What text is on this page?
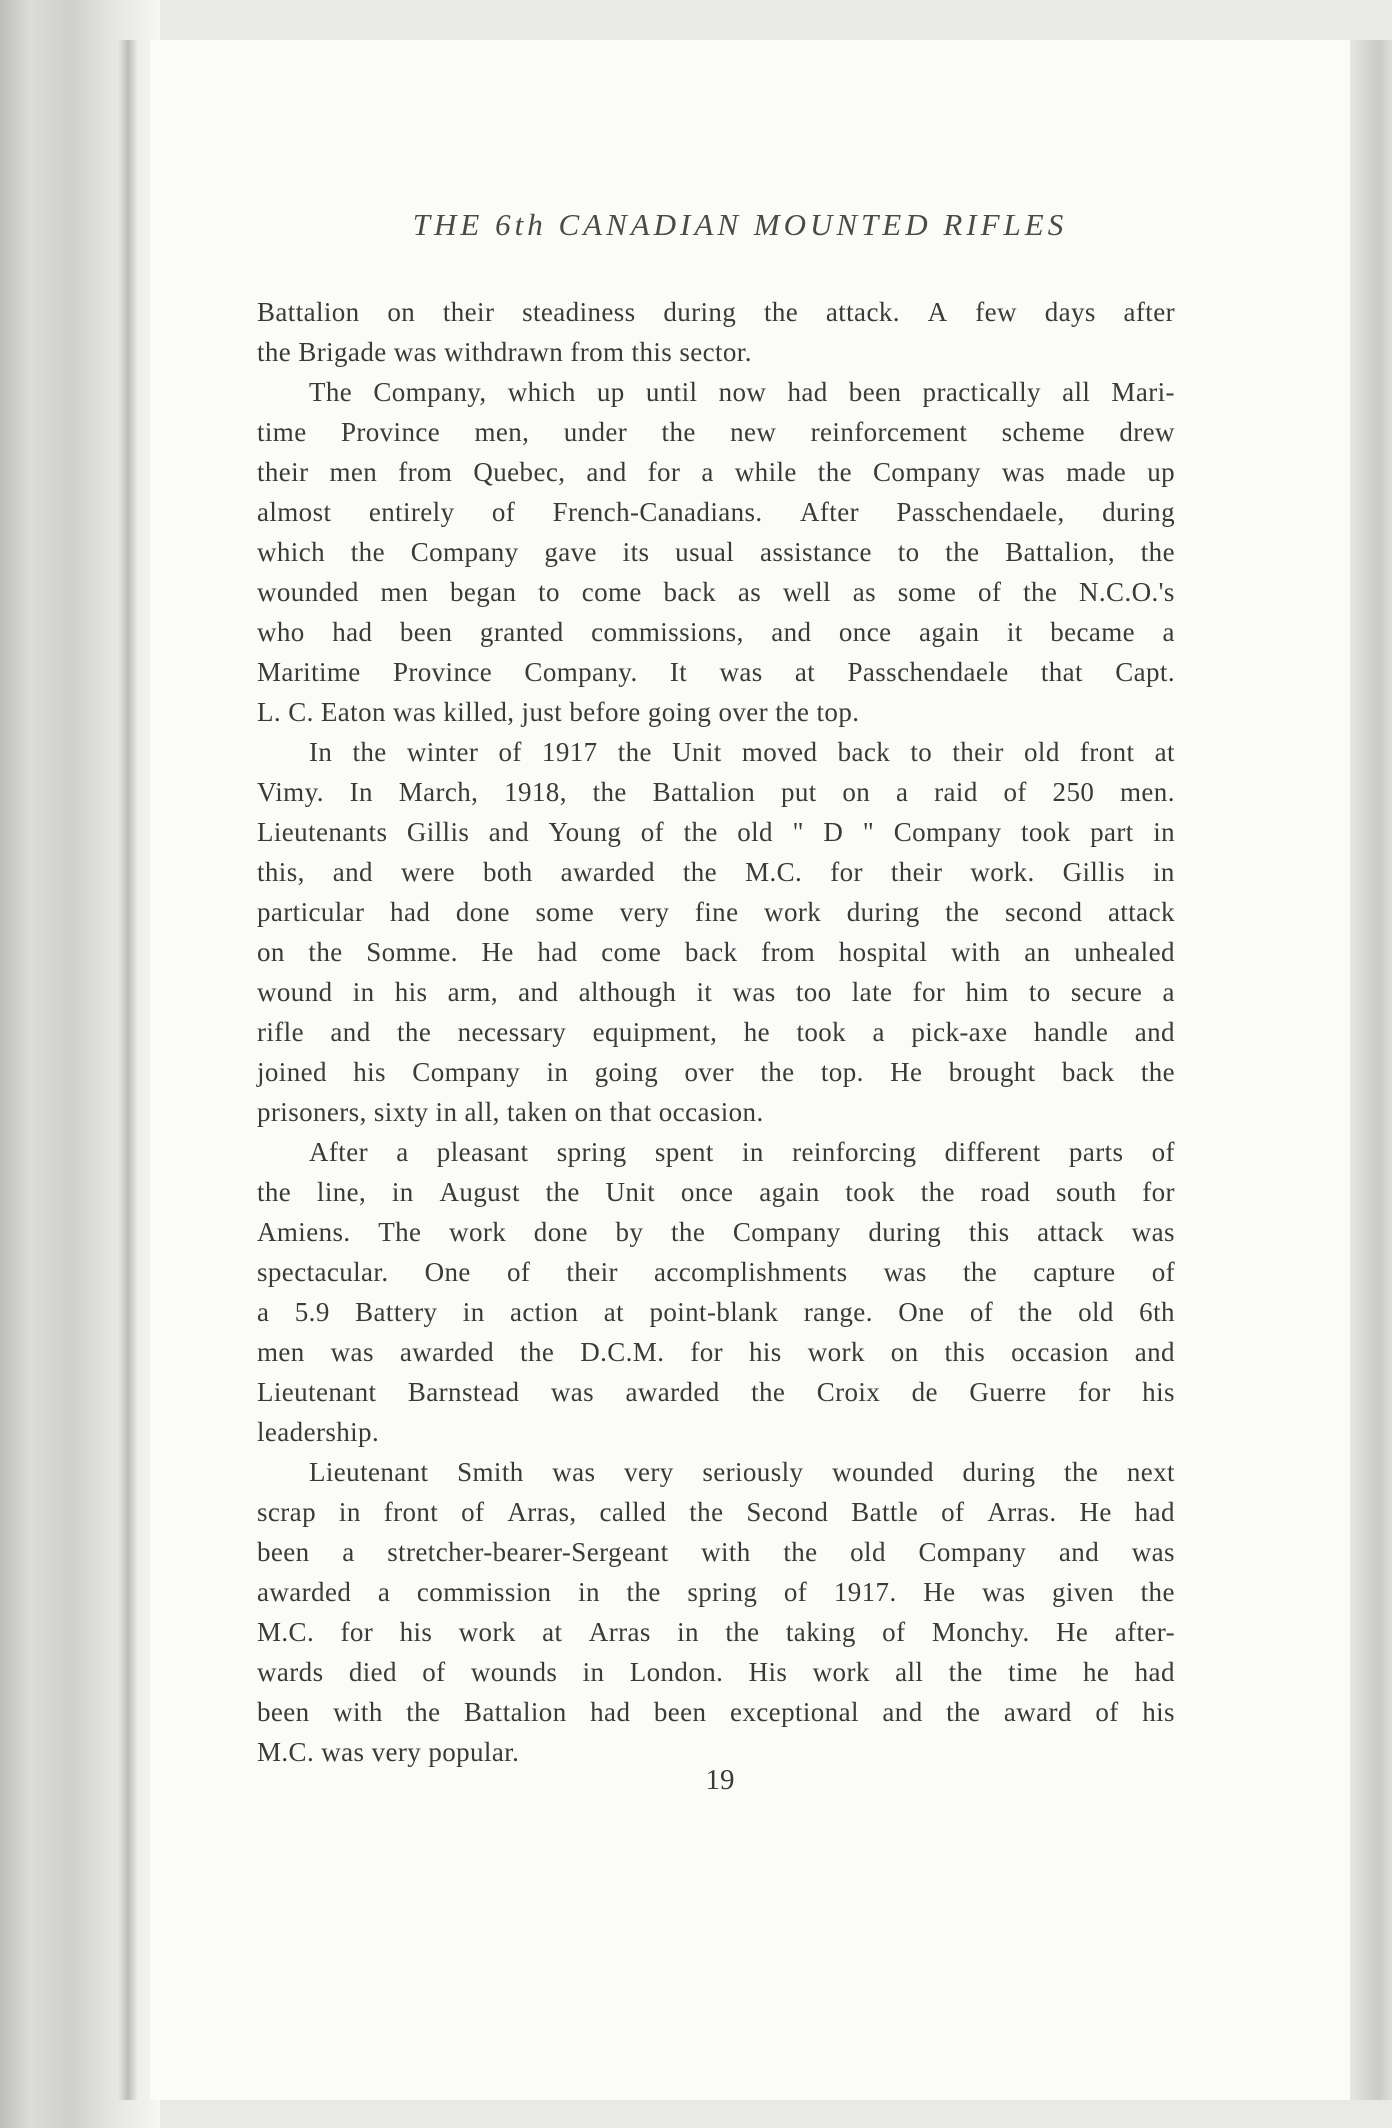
THE 6th CANADIAN MOUNTED RIFLES
Battalion on their steadiness during the attack. A few days after
the Brigade was withdrawn from this sector.
The Company, which up until now had been practically all Mari-
time Province men, under the new reinforcement scheme drew
their men from Quebec, and for a while the Company was made up
almost entirely of French-Canadians. After Passchendaele, during
which the Company gave its usual assistance to the Battalion, the
wounded men began to come back as well as some of the N.C.O.'s
who had been granted commissions, and once again it became a
Maritime Province Company. It was at Passchendaele that Capt.
L. C. Eaton was killed, just before going over the top.
In the winter of 1917 the Unit moved back to their old front at
Vimy. In March, 1918, the Battalion put on a raid of 250 men.
Lieutenants Gillis and Young of the old " D " Company took part in
this, and were both awarded the M.C. for their work. Gillis in
particular had done some very fine work during the second attack
on the Somme. He had come back from hospital with an unhealed
wound in his arm, and although it was too late for him to secure a
rifle and the necessary equipment, he took a pick-axe handle and
joined his Company in going over the top. He brought back the
prisoners, sixty in all, taken on that occasion.
After a pleasant spring spent in reinforcing different parts of
the line, in August the Unit once again took the road south for
Amiens. The work done by the Company during this attack was
spectacular. One of their accomplishments was the capture of
a 5.9 Battery in action at point-blank range. One of the old 6th
men was awarded the D.C.M. for his work on this occasion and
Lieutenant Barnstead was awarded the Croix de Guerre for his
leadership.
Lieutenant Smith was very seriously wounded during the next
scrap in front of Arras, called the Second Battle of Arras. He had
been a stretcher-bearer-Sergeant with the old Company and was
awarded a commission in the spring of 1917. He was given the
M.C. for his work at Arras in the taking of Monchy. He after-
wards died of wounds in London. His work all the time he had
been with the Battalion had been exceptional and the award of his
M.C. was very popular.
19
